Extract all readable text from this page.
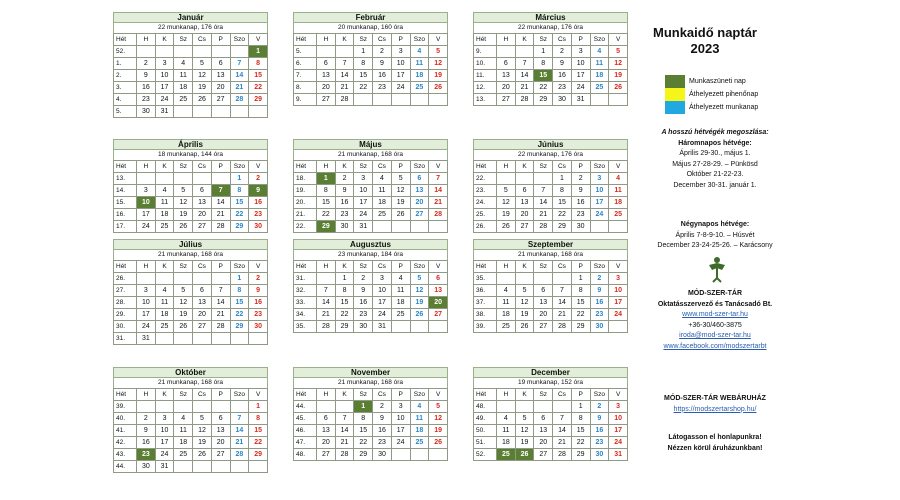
Január
22 munkanap, 176 óra
Hét	H	K	Sz	Cs	P	Szo	V
52.							1
1.	2	3	4	5	6	7	8
2.	9	10	11	12	13	14	15
3.	16	17	18	19	20	21	22
4.	23	24	25	26	27	28	29
5.	30	31					
Február
20 munkanap, 160 óra
Hét	H	K	Sz	Cs	P	Szo	V
5.			1	2	3	4	5
6.	6	7	8	9	10	11	12
7.	13	14	15	16	17	18	19
8.	20	21	22	23	24	25	26
9.	27	28					
Március
22 munkanap, 176 óra
Hét	H	K	Sz	Cs	P	Szo	V
9.			1	2	3	4	5
10.	6	7	8	9	10	11	12
11.	13	14	15	16	17	18	19
12.	20	21	22	23	24	25	26
13.	27	28	29	30	31		
Április
18 munkanap, 144 óra
Hét	H	K	Sz	Cs	P	Szo	V
13.						1	2
14.	3	4	5	6	7	8	9
15.	10	11	12	13	14	15	16
16.	17	18	19	20	21	22	23
17.	24	25	26	27	28	29	30
Május
21 munkanap, 168 óra
Hét	H	K	Sz	Cs	P	Szo	V
18.	1	2	3	4	5	6	7
19.	8	9	10	11	12	13	14
20.	15	16	17	18	19	20	21
21.	22	23	24	25	26	27	28
22.	29	30	31				
Június
22 munkanap, 176 óra
Hét	H	K	Sz	Cs	P	Szo	V
22.				1	2	3	4
23.	5	6	7	8	9	10	11
24.	12	13	14	15	16	17	18
25.	19	20	21	22	23	24	25
26.	26	27	28	29	30		
Július
21 munkanap, 168 óra
Hét	H	K	Sz	Cs	P	Szo	V
26.						1	2
27.	3	4	5	6	7	8	9
28.	10	11	12	13	14	15	16
29.	17	18	19	20	21	22	23
30.	24	25	26	27	28	29	30
31.	31						
Augusztus
23 munkanap, 184 óra
Hét	H	K	Sz	Cs	P	Szo	V
31.		1	2	3	4	5	6
32.	7	8	9	10	11	12	13
33.	14	15	16	17	18	19	20
34.	21	22	23	24	25	26	27
35.	28	29	30	31			
Szeptember
21 munkanap, 168 óra
Hét	H	K	Sz	Cs	P	Szo	V
35.					1	2	3
36.	4	5	6	7	8	9	10
37.	11	12	13	14	15	16	17
38.	18	19	20	21	22	23	24
39.	25	26	27	28	29	30	
Október
21 munkanap, 168 óra
Hét	H	K	Sz	Cs	P	Szo	V
39.							1
40.	2	3	4	5	6	7	8
41.	9	10	11	12	13	14	15
42.	16	17	18	19	20	21	22
43.	23	24	25	26	27	28	29
44.	30	31					
November
21 munkanap, 168 óra
Hét	H	K	Sz	Cs	P	Szo	V
44.			1	2	3	4	5
45.	6	7	8	9	10	11	12
46.	13	14	15	16	17	18	19
47.	20	21	22	23	24	25	26
48.	27	28	29	30			
December
19 munkanap, 152 óra
Hét	H	K	Sz	Cs	P	Szo	V
48.					1	2	3
49.	4	5	6	7	8	9	10
50.	11	12	13	14	15	16	17
51.	18	19	20	21	22	23	24
52.	25	26	27	28	29	30	31
Munkaidő naptár
2023
Munkaszüneti nap
Áthelyezett pihenőnap
Áthelyezett munkanap
A hosszú hétvégék megoszlása:
Háromnapos hétvége:
Április 29-30., május 1.
Május 27-28-29. – Pünkösd
Október 21-22-23.
December 30-31. január 1.
Négynapos hétvége:
Április 7-8-9-10. – Húsvét
December 23-24-25-26. – Karácsony
MÓD-SZER-TÁR
Oktatásszervező és Tanácsadó Bt.
www.mod-szer-tar.hu
+36-30/460-3875
iroda@mod-szer-tar.hu
www.facebook.com/modszertarbt
MÓD-SZER-TÁR WEBÁRUHÁZ
https://modszertarshop.hu/
Látogasson el honlapunkra!
Nézzen körül áruházunkban!
